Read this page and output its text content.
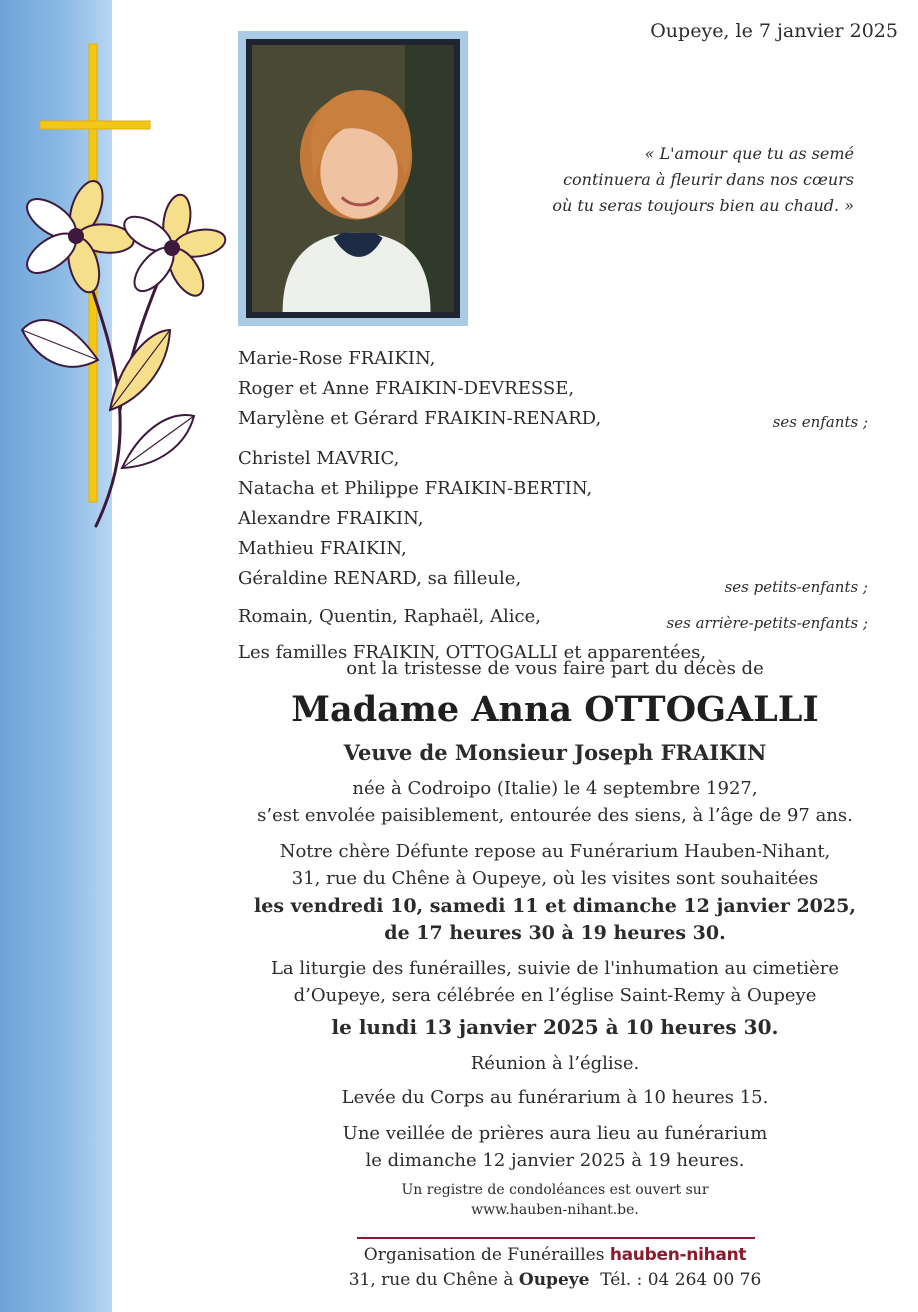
Oupeye, le 7 janvier 2025
« L'amour que tu as semé
continuera à fleurir dans nos cœurs
où tu seras toujours bien au chaud. »
Marie-Rose FRAIKIN,
Roger et Anne FRAIKIN-DEVRESSE,
Marylène et Gérard FRAIKIN-RENARD,	ses enfants ;
Christel MAVRIC,
Natacha et Philippe FRAIKIN-BERTIN,
Alexandre FRAIKIN,
Mathieu FRAIKIN,
Géraldine RENARD, sa filleule,	ses petits-enfants ;
Romain, Quentin, Raphaël, Alice,	ses arrière-petits-enfants ;
Les familles FRAIKIN, OTTOGALLI et apparentées,
ont la tristesse de vous faire part du décès de
Madame Anna OTTOGALLI
Veuve de Monsieur Joseph FRAIKIN
née à Codroipo (Italie) le 4 septembre 1927,
s’est envolée paisiblement, entourée des siens, à l’âge de 97 ans.
Notre chère Défunte repose au Funérarium Hauben-Nihant,
31, rue du Chêne à Oupeye, où les visites sont souhaitées
les vendredi 10, samedi 11 et dimanche 12 janvier 2025,
de 17 heures 30 à 19 heures 30.
La liturgie des funérailles, suivie de l'inhumation au cimetière
d’Oupeye, sera célébrée en l’église Saint-Remy à Oupeye
le lundi 13 janvier 2025 à 10 heures 30.
Réunion à l’église.
Levée du Corps au funérarium à 10 heures 15.
Une veillée de prières aura lieu au funérarium
le dimanche 12 janvier 2025 à 19 heures.
Un registre de condoléances est ouvert sur
www.hauben-nihant.be.
Organisation de Funérailles hauben-nihant
31, rue du Chêne à Oupeye Tél. : 04 264 00 76
